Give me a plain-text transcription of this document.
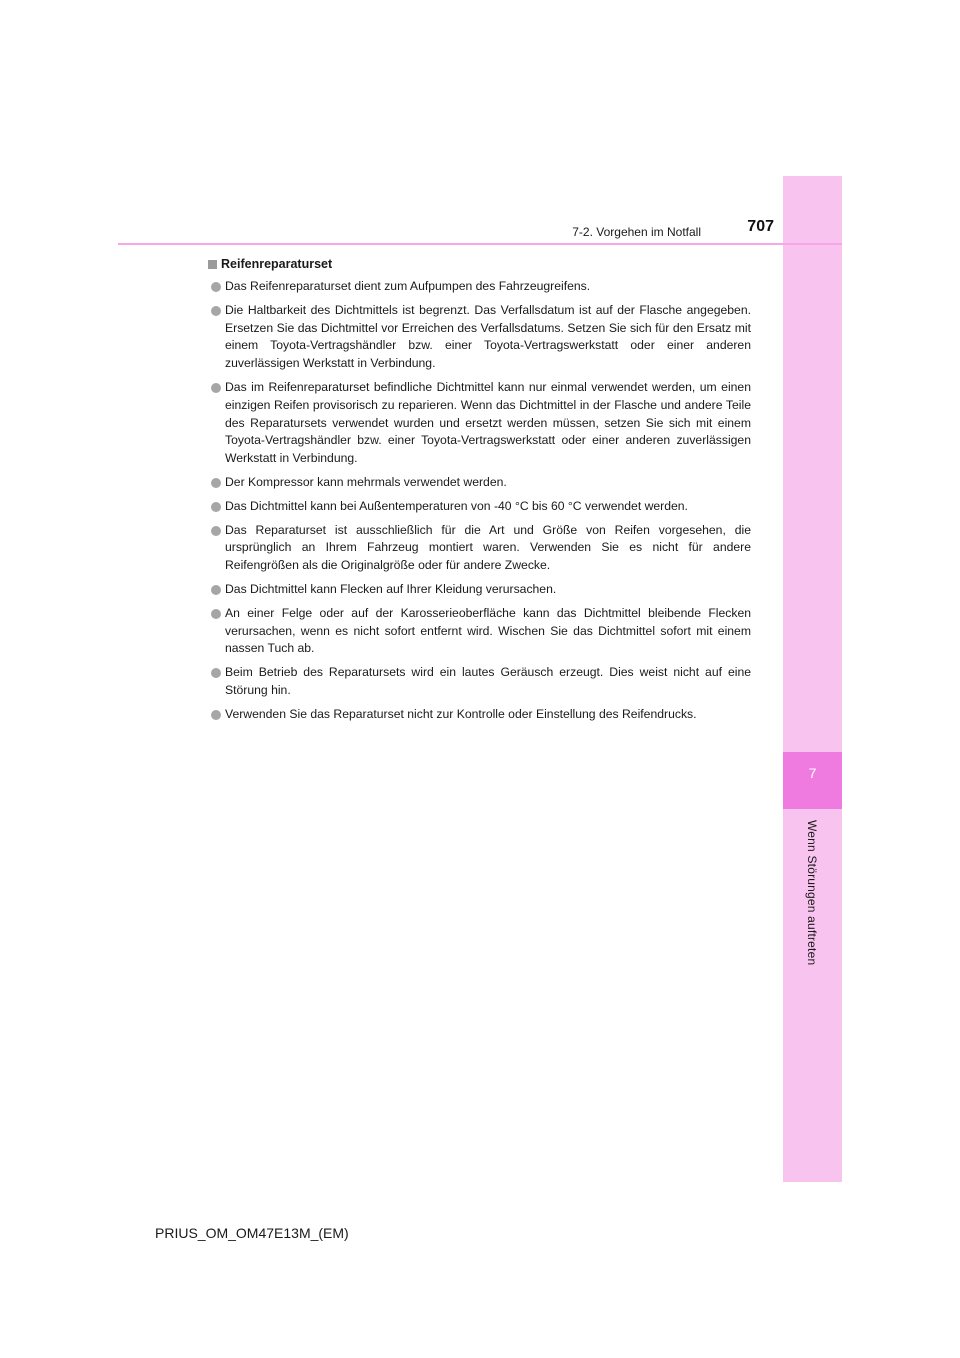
7
Wenn Störungen auftreten
7-2. Vorgehen im Notfall	707
Reifenreparaturset
Das Reifenreparaturset dient zum Aufpumpen des Fahrzeugreifens.
Die Haltbarkeit des Dichtmittels ist begrenzt. Das Verfallsdatum ist auf der Flasche angegeben. Ersetzen Sie das Dichtmittel vor Erreichen des Verfallsdatums. Setzen Sie sich für den Ersatz mit einem Toyota-Vertragshändler bzw. einer Toyota-Vertragswerkstatt oder einer anderen zuverlässigen Werkstatt in Verbindung.
Das im Reifenreparaturset befindliche Dichtmittel kann nur einmal verwendet werden, um einen einzigen Reifen provisorisch zu reparieren. Wenn das Dichtmittel in der Flasche und andere Teile des Reparatursets verwendet wurden und ersetzt werden müssen, setzen Sie sich mit einem Toyota-Vertragshändler bzw. einer Toyota-Vertragswerkstatt oder einer anderen zuverlässigen Werkstatt in Verbindung.
Der Kompressor kann mehrmals verwendet werden.
Das Dichtmittel kann bei Außentemperaturen von -40 °C bis 60 °C verwendet werden.
Das Reparaturset ist ausschließlich für die Art und Größe von Reifen vorgesehen, die ursprünglich an Ihrem Fahrzeug montiert waren. Verwenden Sie es nicht für andere Reifengrößen als die Originalgröße oder für andere Zwecke.
Das Dichtmittel kann Flecken auf Ihrer Kleidung verursachen.
An einer Felge oder auf der Karosserieoberfläche kann das Dichtmittel bleibende Flecken verursachen, wenn es nicht sofort entfernt wird. Wischen Sie das Dichtmittel sofort mit einem nassen Tuch ab.
Beim Betrieb des Reparatursets wird ein lautes Geräusch erzeugt. Dies weist nicht auf eine Störung hin.
Verwenden Sie das Reparaturset nicht zur Kontrolle oder Einstellung des Reifendrucks.
PRIUS_OM_OM47E13M_(EM)
